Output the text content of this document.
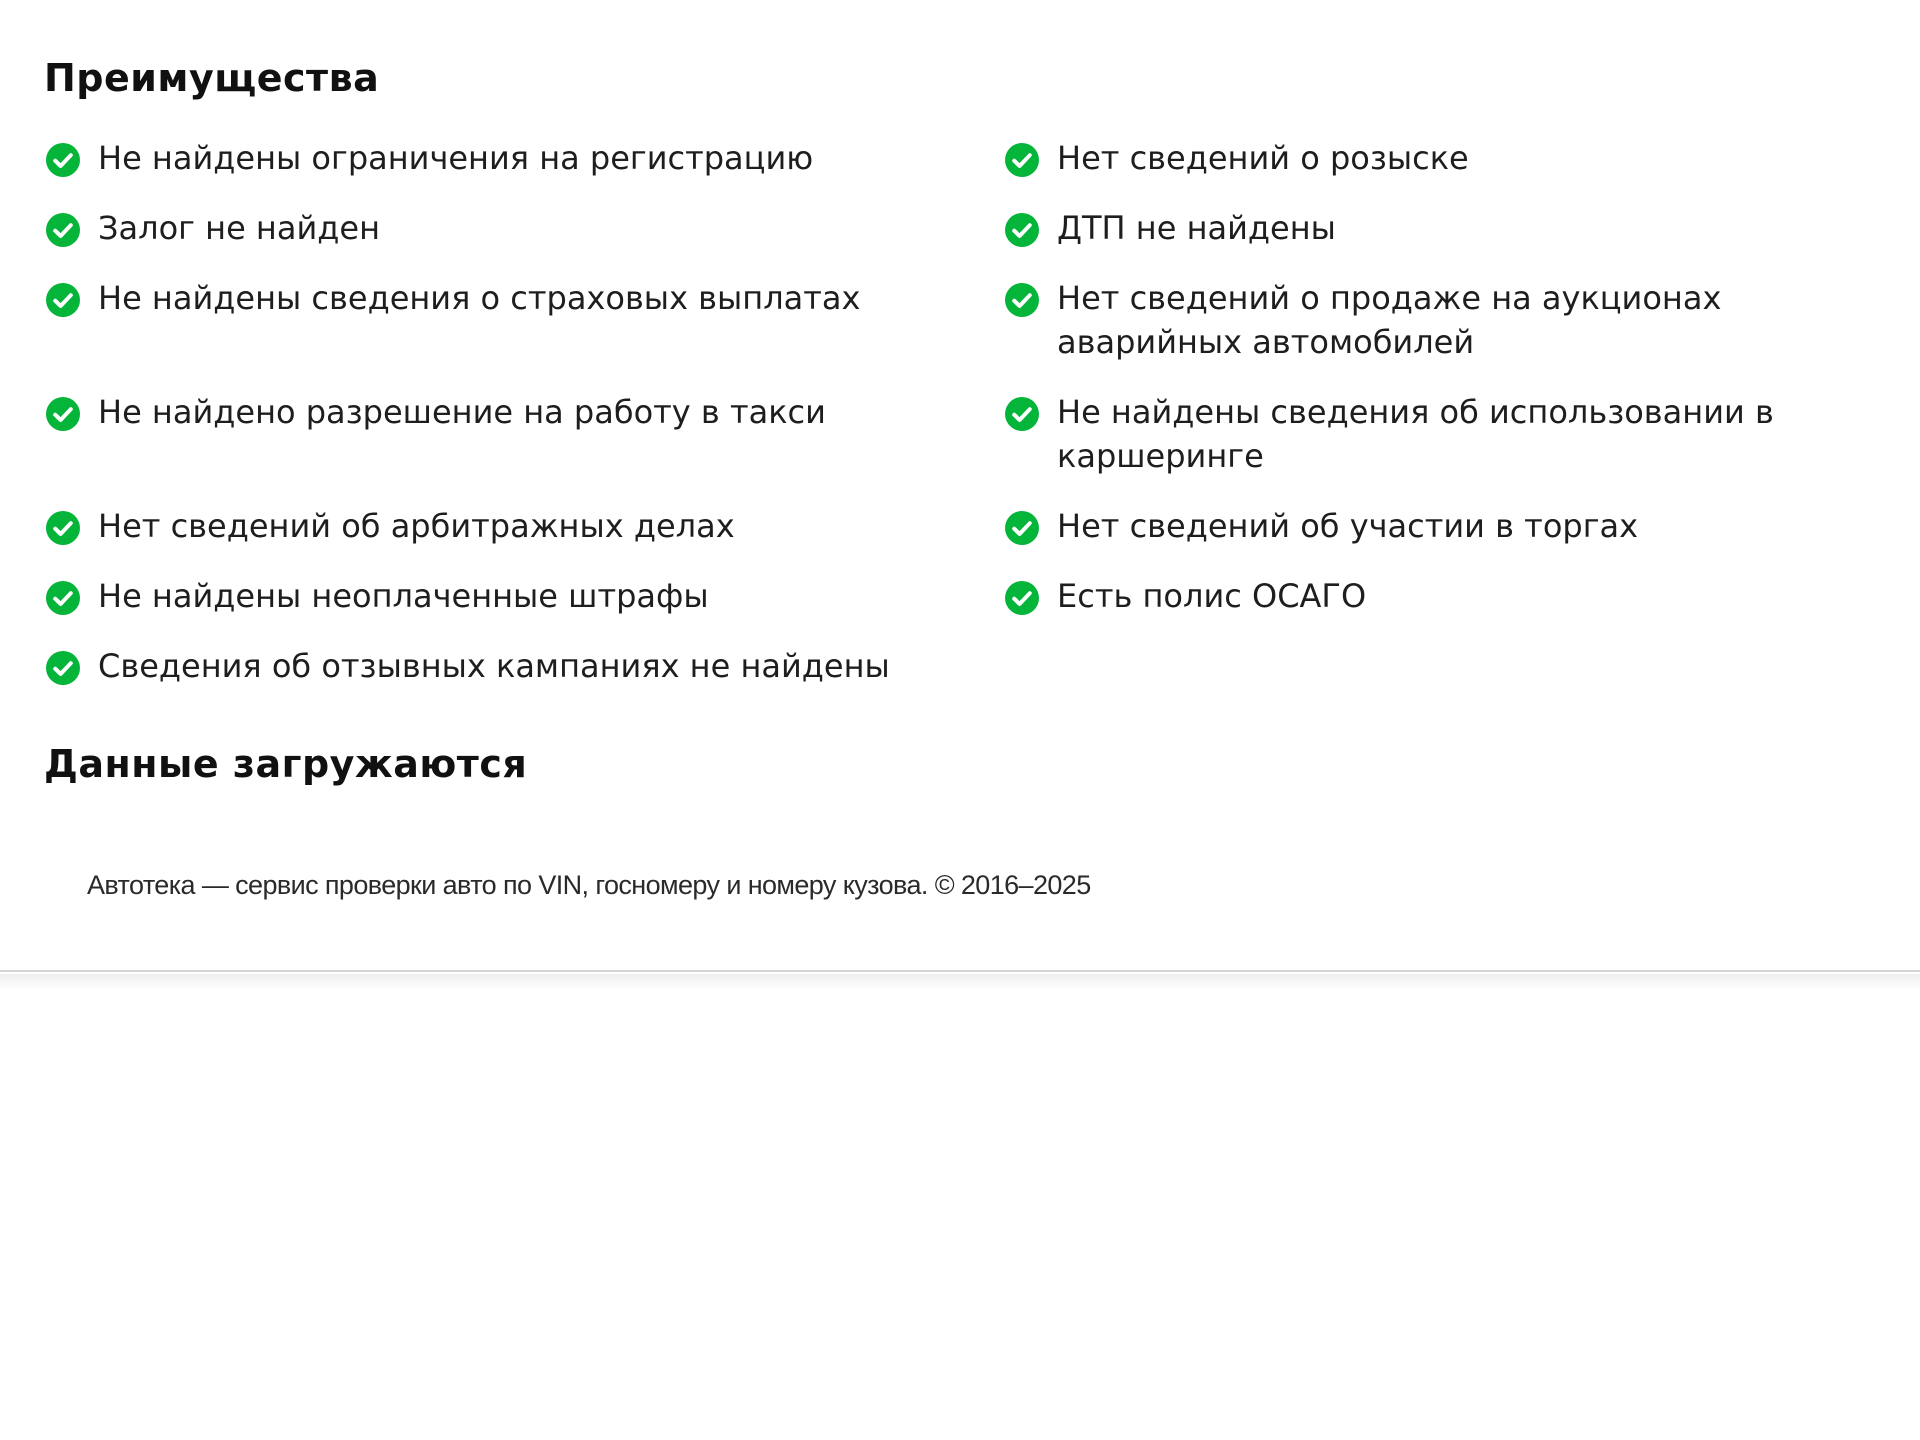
Преимущества
Не найдены ограничения на регистрацию
Залог не найден
Не найдены сведения о страховых выплатах
Не найдено разрешение на работу в такси
Нет сведений об арбитражных делах
Не найдены неоплаченные штрафы
Сведения об отзывных кампаниях не найдены
Нет сведений о розыске
ДТП не найдены
Нет сведений о продаже на аукционах аварийных автомобилей
Не найдены сведения об использовании в каршеринге
Нет сведений об участии в торгах
Есть полис ОСАГО
Данные загружаются
Автотека — сервис проверки авто по VIN, госномеру и номеру кузова. © 2016–2025
